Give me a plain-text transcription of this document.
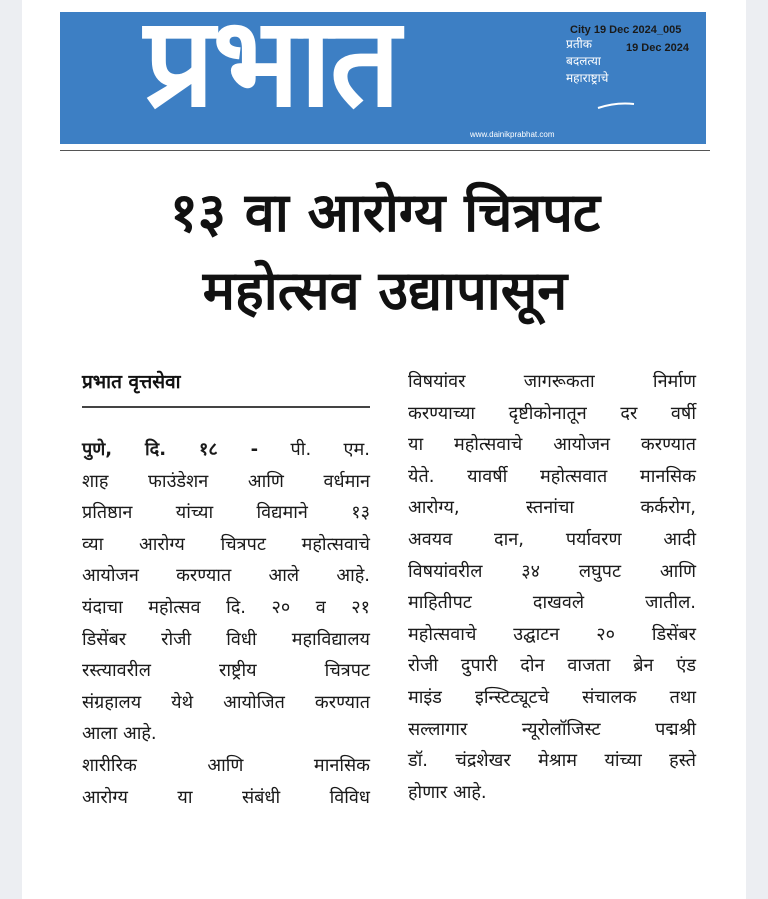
प्रभात	प्रतीक
बदलत्या
महाराष्ट्राचे
www.dainikprabhat.com
City 19 Dec 2024_005
19 Dec 2024
१३ वा आरोग्य चित्रपट
महोत्सव उद्यापासून
प्रभात वृत्तसेवा
पुणे, दि. १८ - पी. एम.
शाह फाउंडेशन आणि वर्धमान
प्रतिष्ठान यांच्या विद्यमाने १३
व्या आरोग्य चित्रपट महोत्सवाचे
आयोजन करण्यात आले आहे.
यंदाचा महोत्सव दि. २० व २१
डिसेंबर रोजी विधी महाविद्यालय
रस्त्यावरील राष्ट्रीय चित्रपट
संग्रहालय येथे आयोजित करण्यात
आला आहे.
शारीरिक आणि मानसिक
आरोग्य या संबंधी विविध
विषयांवर जागरूकता निर्माण
करण्याच्या दृष्टीकोनातून दर वर्षी
या महोत्सवाचे आयोजन करण्यात
येते. यावर्षी महोत्सवात मानसिक
आरोग्य, स्तनांचा कर्करोग,
अवयव दान, पर्यावरण आदी
विषयांवरील ३४ लघुपट आणि
माहितीपट दाखवले जातील.
महोत्सवाचे उद्घाटन २० डिसेंबर
रोजी दुपारी दोन वाजता ब्रेन एंड
माइंड इन्स्टिट्यूटचे संचालक तथा
सल्लागार न्यूरोलॉजिस्ट पद्मश्री
डॉ. चंद्रशेखर मेश्राम यांच्या हस्ते
होणार आहे.
